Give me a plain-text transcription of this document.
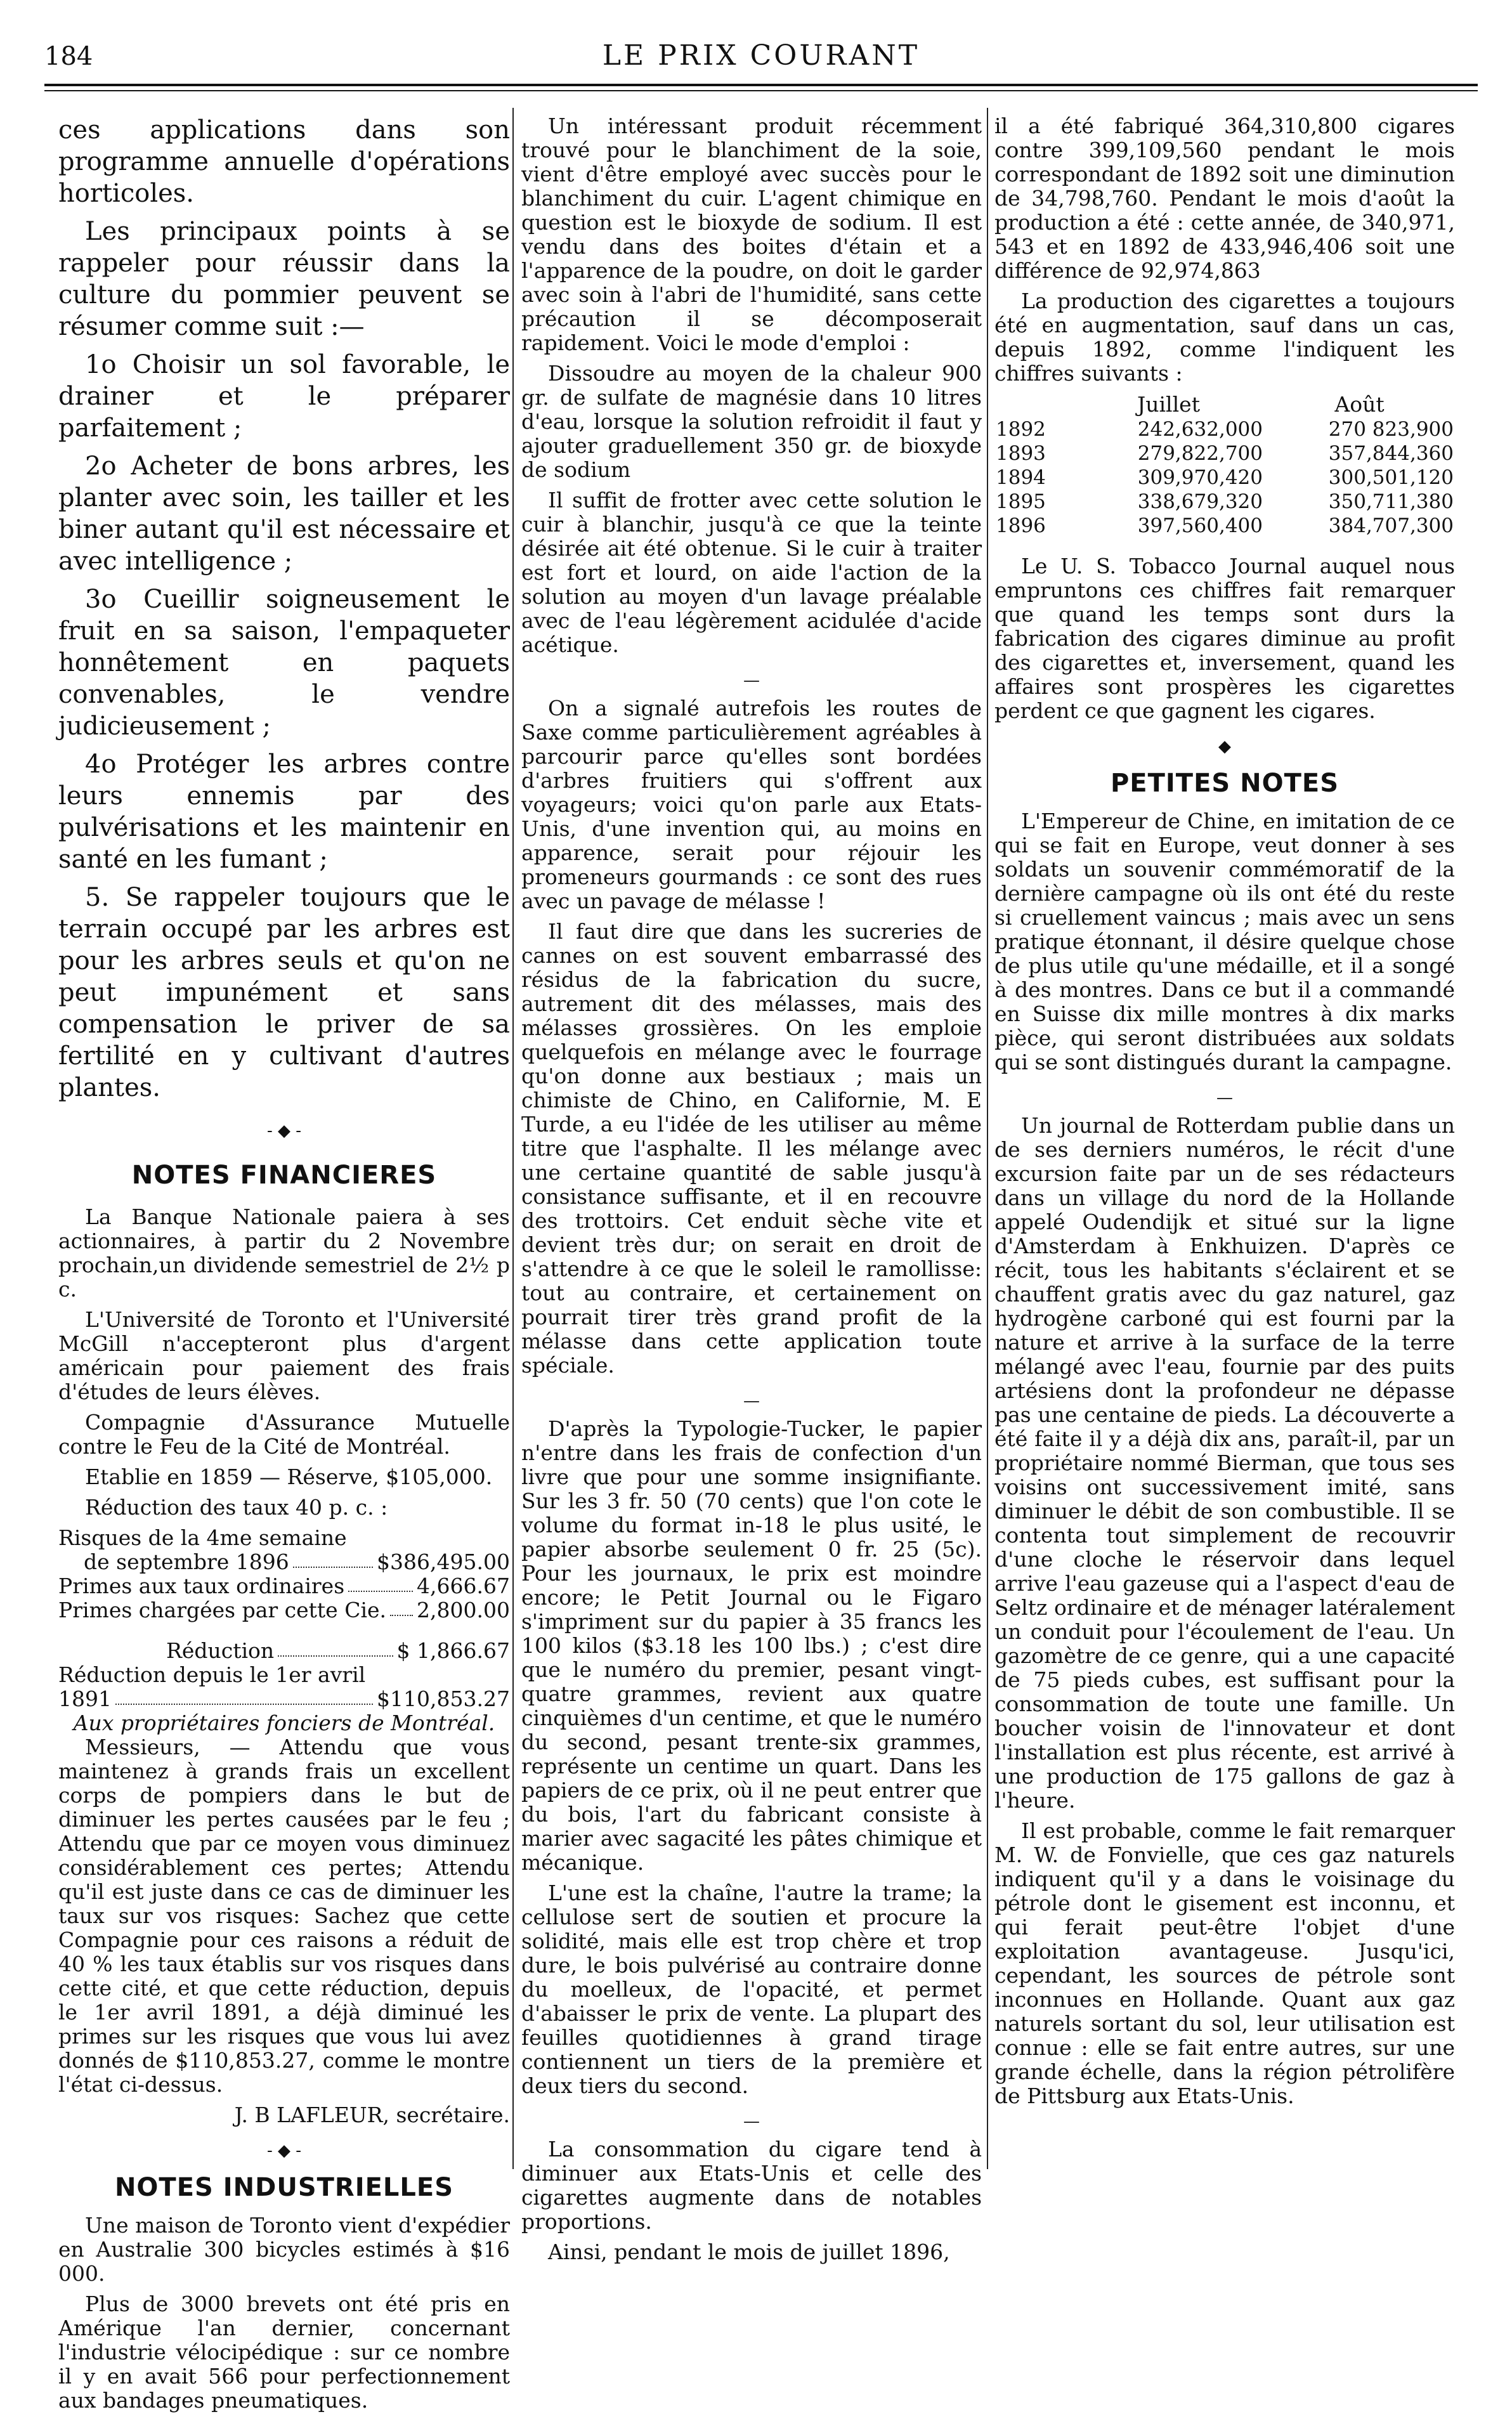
184	LE PRIX COURANT

ces applications dans son programme annuelle d'opérations horticoles.

Les principaux points à se rappeler pour réussir dans la culture du pommier peuvent se résumer comme suit :—

1o Choisir un sol favorable, le drainer et le préparer parfaitement ;

2o Acheter de bons arbres, les planter avec soin, les tailler et les biner autant qu'il est nécessaire et avec intelligence ;

3o Cueillir soigneusement le fruit en sa saison, l'empaqueter honnêtement en paquets convenables, le vendre judicieusement ;

4o Protéger les arbres contre leurs ennemis par des pulvérisations et les maintenir en santé en les fumant ;

5. Se rappeler toujours que le terrain occupé par les arbres est pour les arbres seuls et qu'on ne peut impunément et sans compensation le priver de sa fertilité en y cultivant d'autres plantes.

- ◆ -
NOTES FINANCIERES

La Banque Nationale paiera à ses actionnaires, à partir du 2 Novembre prochain,un dividende semestriel de 2½ p c.

L'Université de Toronto et l'Université McGill n'accepteront plus d'argent américain pour paiement des frais d'études de leurs élèves.

Compagnie d'Assurance Mutuelle contre le Feu de la Cité de Montréal.

Etablie en 1859 — Réserve, $105,000.

Réduction des taux 40 p. c. :

Risques de la 4me semaine
de septembre 1896	$386,495.00
Primes aux taux ordinaires	4,666.67
Primes chargées par cette Cie. 2,800.00
Réduction	$ 1,866.67
Réduction depuis le 1er avril
1891	$110,853.27
Aux propriétaires fonciers de Montréal.

Messieurs, — Attendu que vous maintenez à grands frais un excellent corps de pompiers dans le but de diminuer les pertes causées par le feu ; Attendu que par ce moyen vous diminuez considérablement ces pertes; Attendu qu'il est juste dans ce cas de diminuer les taux sur vos risques: Sachez que cette Compagnie pour ces raisons a réduit de 40 % les taux établis sur vos risques dans cette cité, et que cette réduction, depuis le 1er avril 1891, a déjà diminué les primes sur les risques que vous lui avez donnés de $110,853.27, comme le montre l'état ci-dessus.

J. B LAFLEUR, secrétaire.
- ◆ -
NOTES INDUSTRIELLES

Une maison de Toronto vient d'expédier en Australie 300 bicycles estimés à $16 000.

Plus de 3000 brevets ont été pris en Amérique l'an dernier, concernant l'industrie vélocipédique : sur ce nombre il y en avait 566 pour perfectionnement aux bandages pneumatiques.

Un intéressant produit récemment trouvé pour le blanchiment de la soie, vient d'être employé avec succès pour le blanchiment du cuir. L'agent chimique en question est le bioxyde de sodium. Il est vendu dans des boites d'étain et a l'apparence de la poudre, on doit le garder avec soin à l'abri de l'humidité, sans cette précaution il se décomposerait rapidement. Voici le mode d'emploi :

Dissoudre au moyen de la chaleur 900 gr. de sulfate de magnésie dans 10 litres d'eau, lorsque la solution refroidit il faut y ajouter graduellement 350 gr. de bioxyde de sodium

Il suffit de frotter avec cette solution le cuir à blanchir, jusqu'à ce que la teinte désirée ait été obtenue. Si le cuir à traiter est fort et lourd, on aide l'action de la solution au moyen d'un lavage préalable avec de l'eau légèrement acidulée d'acide acétique.

—

On a signalé autrefois les routes de Saxe comme particulièrement agréables à parcourir parce qu'elles sont bordées d'arbres fruitiers qui s'offrent aux voyageurs; voici qu'on parle aux Etats-Unis, d'une invention qui, au moins en apparence, serait pour réjouir les promeneurs gourmands : ce sont des rues avec un pavage de mélasse !

Il faut dire que dans les sucreries de cannes on est souvent embarrassé des résidus de la fabrication du sucre, autrement dit des mélasses, mais des mélasses grossières. On les emploie quelquefois en mélange avec le fourrage qu'on donne aux bestiaux ; mais un chimiste de Chino, en Californie, M. E Turde, a eu l'idée de les utiliser au même titre que l'asphalte. Il les mélange avec une certaine quantité de sable jusqu'à consistance suffisante, et il en recouvre des trottoirs. Cet enduit sèche vite et devient très dur; on serait en droit de s'attendre à ce que le soleil le ramollisse: tout au contraire, et certainement on pourrait tirer très grand profit de la mélasse dans cette application toute spéciale.

—

D'après la Typologie-Tucker, le papier n'entre dans les frais de confection d'un livre que pour une somme insignifiante. Sur les 3 fr. 50 (70 cents) que l'on cote le volume du format in-18 le plus usité, le papier absorbe seulement 0 fr. 25 (5c). Pour les journaux, le prix est moindre encore; le Petit Journal ou le Figaro s'impriment sur du papier à 35 francs les 100 kilos ($3.18 les 100 lbs.) ; c'est dire que le numéro du premier, pesant vingt-quatre grammes, revient aux quatre cinquièmes d'un centime, et que le numéro du second, pesant trente-six grammes, représente un centime un quart. Dans les papiers de ce prix, où il ne peut entrer que du bois, l'art du fabricant consiste à marier avec sagacité les pâtes chimique et mécanique.

L'une est la chaîne, l'autre la trame; la cellulose sert de soutien et procure la solidité, mais elle est trop chère et trop dure, le bois pulvérisé au contraire donne du moelleux, de l'opacité, et permet d'abaisser le prix de vente. La plupart des feuilles quotidiennes à grand tirage contiennent un tiers de la première et deux tiers du second.

—

La consommation du cigare tend à diminuer aux Etats-Unis et celle des cigarettes augmente dans de notables proportions.

Ainsi, pendant le mois de juillet 1896,

il a été fabriqué 364,310,800 cigares contre 399,109,560 pendant le mois correspondant de 1892 soit une diminution de 34,798,760. Pendant le mois d'août la production a été : cette année, de 340,971, 543 et en 1892 de 433,946,406 soit une différence de 92,974,863

La production des cigarettes a toujours été en augmentation, sauf dans un cas, depuis 1892, comme l'indiquent les chiffres suivants :

	Juillet	Août
1892	242,632,000	270 823,900
1893	279,822,700	357,844,360
1894	309,970,420	300,501,120
1895	338,679,320	350,711,380
1896	397,560,400	384,707,300

Le U. S. Tobacco Journal auquel nous empruntons ces chiffres fait remarquer que quand les temps sont durs la fabrication des cigares diminue au profit des cigarettes et, inversement, quand les affaires sont prospères les cigarettes perdent ce que gagnent les cigares.

◆
PETITES NOTES

L'Empereur de Chine, en imitation de ce qui se fait en Europe, veut donner à ses soldats un souvenir commémoratif de la dernière campagne où ils ont été du reste si cruellement vaincus ; mais avec un sens pratique étonnant, il désire quelque chose de plus utile qu'une médaille, et il a songé à des montres. Dans ce but il a commandé en Suisse dix mille montres à dix marks pièce, qui seront distribuées aux soldats qui se sont distingués durant la campagne.

—

Un journal de Rotterdam publie dans un de ses derniers numéros, le récit d'une excursion faite par un de ses rédacteurs dans un village du nord de la Hollande appelé Oudendijk et situé sur la ligne d'Amsterdam à Enkhuizen. D'après ce récit, tous les habitants s'éclairent et se chauffent gratis avec du gaz naturel, gaz hydrogène carboné qui est fourni par la nature et arrive à la surface de la terre mélangé avec l'eau, fournie par des puits artésiens dont la profondeur ne dépasse pas une centaine de pieds. La découverte a été faite il y a déjà dix ans, paraît-il, par un propriétaire nommé Bierman, que tous ses voisins ont successivement imité, sans diminuer le débit de son combustible. Il se contenta tout simplement de recouvrir d'une cloche le réservoir dans lequel arrive l'eau gazeuse qui a l'aspect d'eau de Seltz ordinaire et de ménager latéralement un conduit pour l'écoulement de l'eau. Un gazomètre de ce genre, qui a une capacité de 75 pieds cubes, est suffisant pour la consommation de toute une famille. Un boucher voisin de l'innovateur et dont l'installation est plus récente, est arrivé à une production de 175 gallons de gaz à l'heure.

Il est probable, comme le fait remarquer M. W. de Fonvielle, que ces gaz naturels indiquent qu'il y a dans le voisinage du pétrole dont le gisement est inconnu, et qui ferait peut-être l'objet d'une exploitation avantageuse. Jusqu'ici, cependant, les sources de pétrole sont inconnues en Hollande. Quant aux gaz naturels sortant du sol, leur utilisation est connue : elle se fait entre autres, sur une grande échelle, dans la région pétrolifère de Pittsburg aux Etats-Unis.
